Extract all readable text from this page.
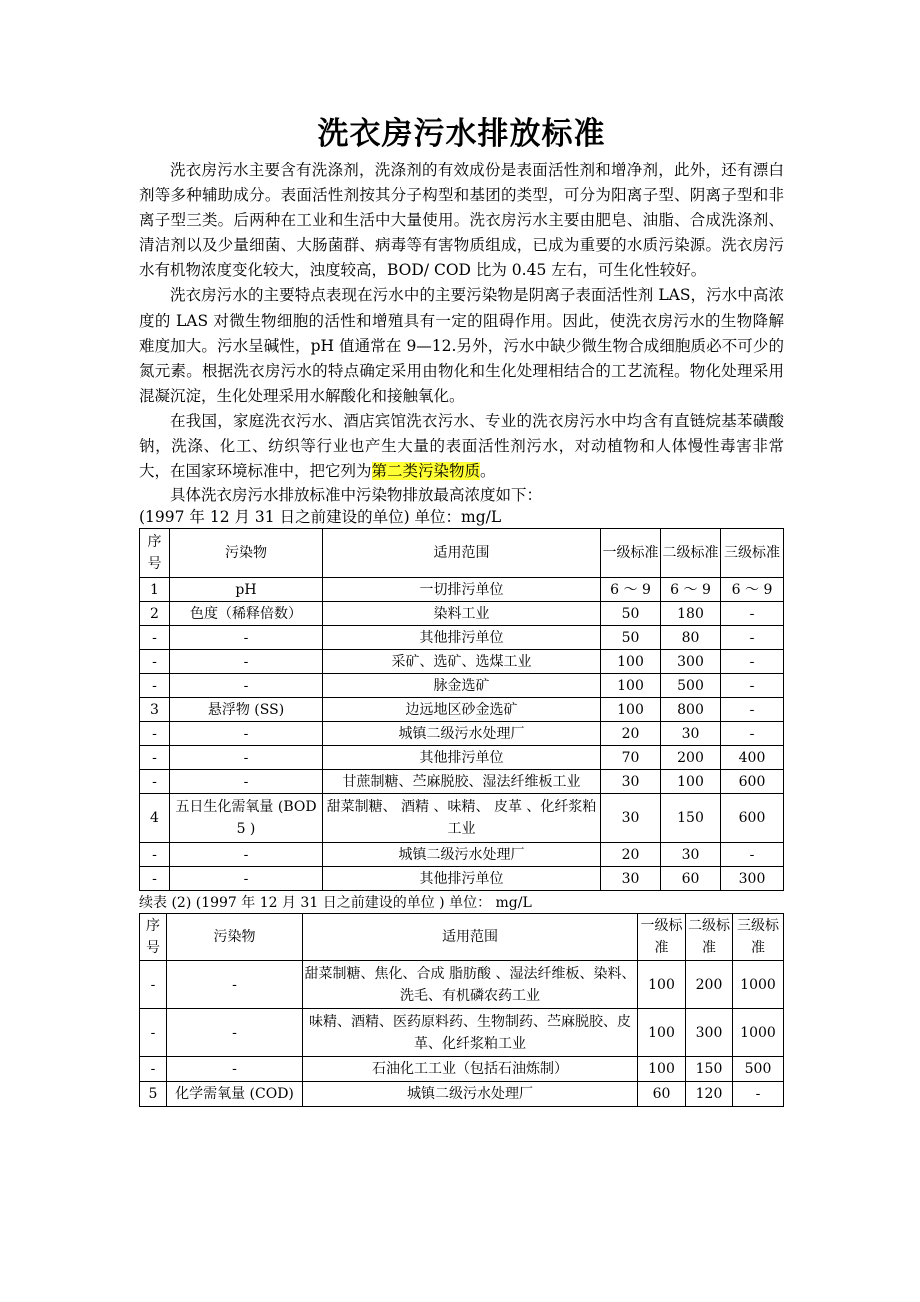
洗衣房污水排放标准

洗衣房污水主要含有洗涤剂，洗涤剂的有效成份是表面活性剂和增净剂，此外，还有漂白剂等多种辅助成分。表面活性剂按其分子构型和基团的类型，可分为阳离子型、阴离子型和非离子型三类。后两种在工业和生活中大量使用。洗衣房污水主要由肥皂、油脂、合成洗涤剂、清洁剂以及少量细菌、大肠菌群、病毒等有害物质组成，已成为重要的水质污染源。洗衣房污水有机物浓度变化较大，浊度较高，BOD/ COD 比为 0.45 左右，可生化性较好。

洗衣房污水的主要特点表现在污水中的主要污染物是阴离子表面活性剂 LAS，污水中高浓度的 LAS 对微生物细胞的活性和增殖具有一定的阻碍作用。因此，使洗衣房污水的生物降解难度加大。污水呈碱性，pH 值通常在 9—12.另外，污水中缺少微生物合成细胞质必不可少的氮元素。根据洗衣房污水的特点确定采用由物化和生化处理相结合的工艺流程。物化处理采用混凝沉淀，生化处理采用水解酸化和接触氧化。

在我国，家庭洗衣污水、酒店宾馆洗衣污水、专业的洗衣房污水中均含有直链烷基苯磺酸钠，洗涤、化工、纺织等行业也产生大量的表面活性剂污水，对动植物和人体慢性毒害非常大，在国家环境标准中，把它列为第二类污染物质。

具体洗衣房污水排放标准中污染物排放最高浓度如下：

(1997 年 12 月 31 日之前建设的单位) 单位：mg/L

序号	污染物	适用范围	一级标准	二级标准	三级标准
1	pH	一切排污单位	6 ～ 9	6 ～ 9	6 ～ 9
2	色度（稀释倍数）	染料工业	50	180	-
-	-	其他排污单位	50	80	-
-	-	采矿、选矿、选煤工业	100	300	-
-	-	脉金选矿	100	500	-
3	悬浮物 (SS)	边远地区砂金选矿	100	800	-
-	-	城镇二级污水处理厂	20	30	-
-	-	其他排污单位	70	200	400
-	-	甘蔗制糖、苎麻脱胶、湿法纤维板工业	30	100	600
4	五日生化需氧量 (BOD 5 )	甜菜制糖、 酒精 、味精、 皮革 、化纤浆粕工业	30	150	600
-	-	城镇二级污水处理厂	20	30	-
-	-	其他排污单位	30	60	300

续表 (2) (1997 年 12 月 31 日之前建设的单位 ) 单位： mg/L

序号	污染物	适用范围	一级标准	二级标准	三级标准
-	-	甜菜制糖、焦化、合成 脂肪酸 、湿法纤维板、染料、洗毛、有机磷农药工业	100	200	1000
-	-	味精、酒精、医药原料药、生物制药、苎麻脱胶、皮革、化纤浆粕工业	100	300	1000
-	-	石油化工工业（包括石油炼制）	100	150	500
5	化学需氧量 (COD)	城镇二级污水处理厂	60	120	-
